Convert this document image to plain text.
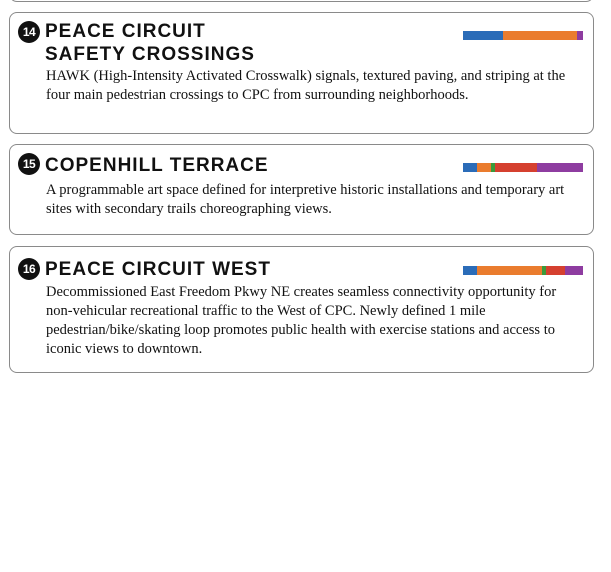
14 PEACE CIRCUIT
SAFETY CROSSINGS

HAWK (High-Intensity Activated Crosswalk) signals, textured paving, and striping at the four main pedestrian crossings to CPC from surrounding neighborhoods.

15 COPENHILL TERRACE

A programmable art space defined for interpretive historic installations and temporary art sites with secondary trails choreographing views.

16 PEACE CIRCUIT WEST

Decommissioned East Freedom Pkwy NE creates seamless connectivity opportunity for non-vehicular recreational traffic to the West of CPC. Newly defined 1 mile pedestrian/bike/skating loop promotes public health with exercise stations and access to iconic views to downtown.
